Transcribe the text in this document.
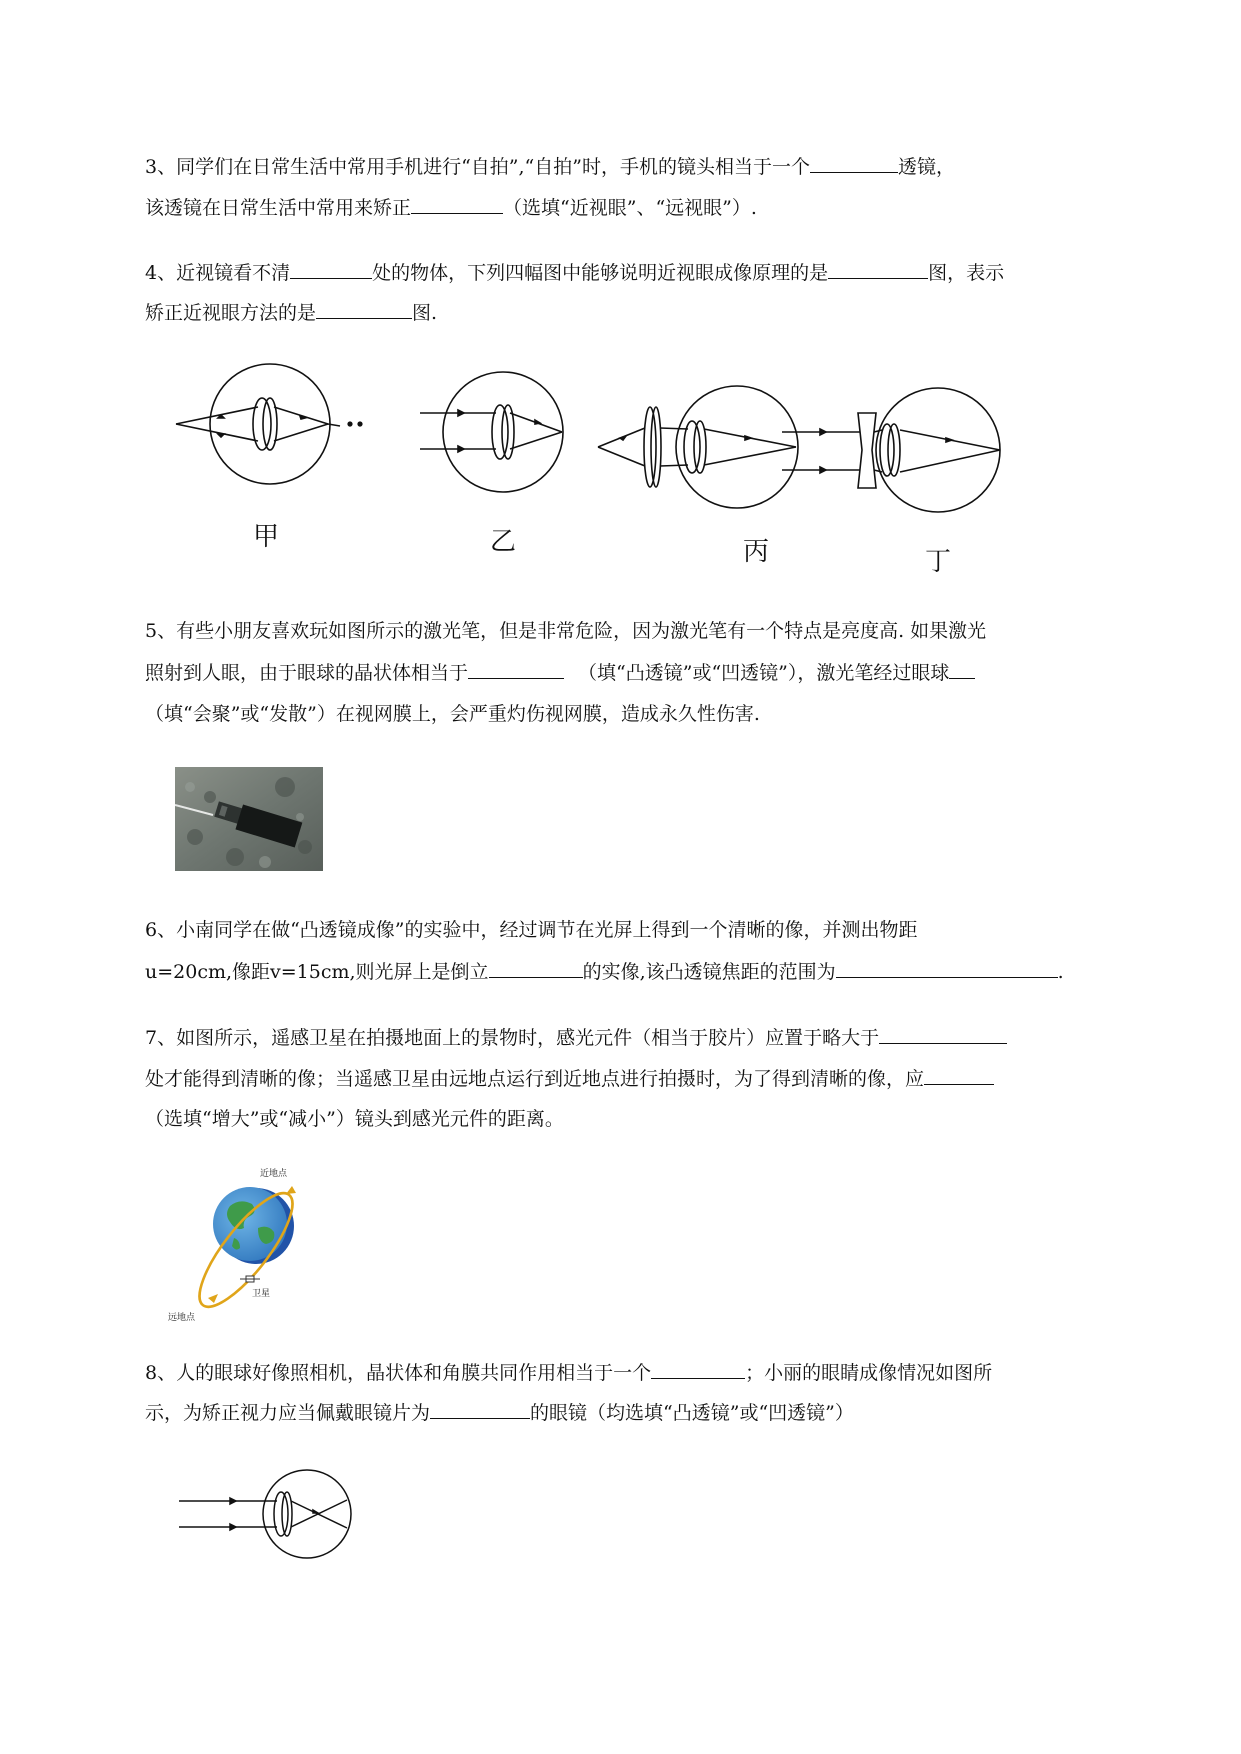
3、同学们在日常生活中常用手机进行“自拍”,“自拍”时，手机的镜头相当于一个	透镜，
该透镜在日常生活中常用来矫正	（选填“近视眼”、“远视眼”）.
4、近视镜看不清	处的物体，下列四幅图中能够说明近视眼成像原理的是	图，表示
矫正近视眼方法的是	图.
甲	乙	丙	丁
5、有些小朋友喜欢玩如图所示的激光笔，但是非常危险，因为激光笔有一个特点是亮度高. 如果激光
照射到人眼，由于眼球的晶状体相当于	（填“凸透镜”或“凹透镜”），激光笔经过眼球
（填“会聚”或“发散”）在视网膜上，会严重灼伤视网膜，造成永久性伤害.
6、小南同学在做“凸透镜成像”的实验中，经过调节在光屏上得到一个清晰的像，并测出物距
u=20cm,像距v=15cm,则光屏上是倒立	的实像,该凸透镜焦距的范围为	.
7、如图所示，遥感卫星在拍摄地面上的景物时，感光元件（相当于胶片）应置于略大于
处才能得到清晰的像；当遥感卫星由远地点运行到近地点进行拍摄时，为了得到清晰的像，应
（选填“增大”或“减小”）镜头到感光元件的距离。
近地点
远地点
卫星
8、人的眼球好像照相机，晶状体和角膜共同作用相当于一个	；小丽的眼睛成像情况如图所
示，为矫正视力应当佩戴眼镜片为	的眼镜（均选填“凸透镜”或“凹透镜”）
